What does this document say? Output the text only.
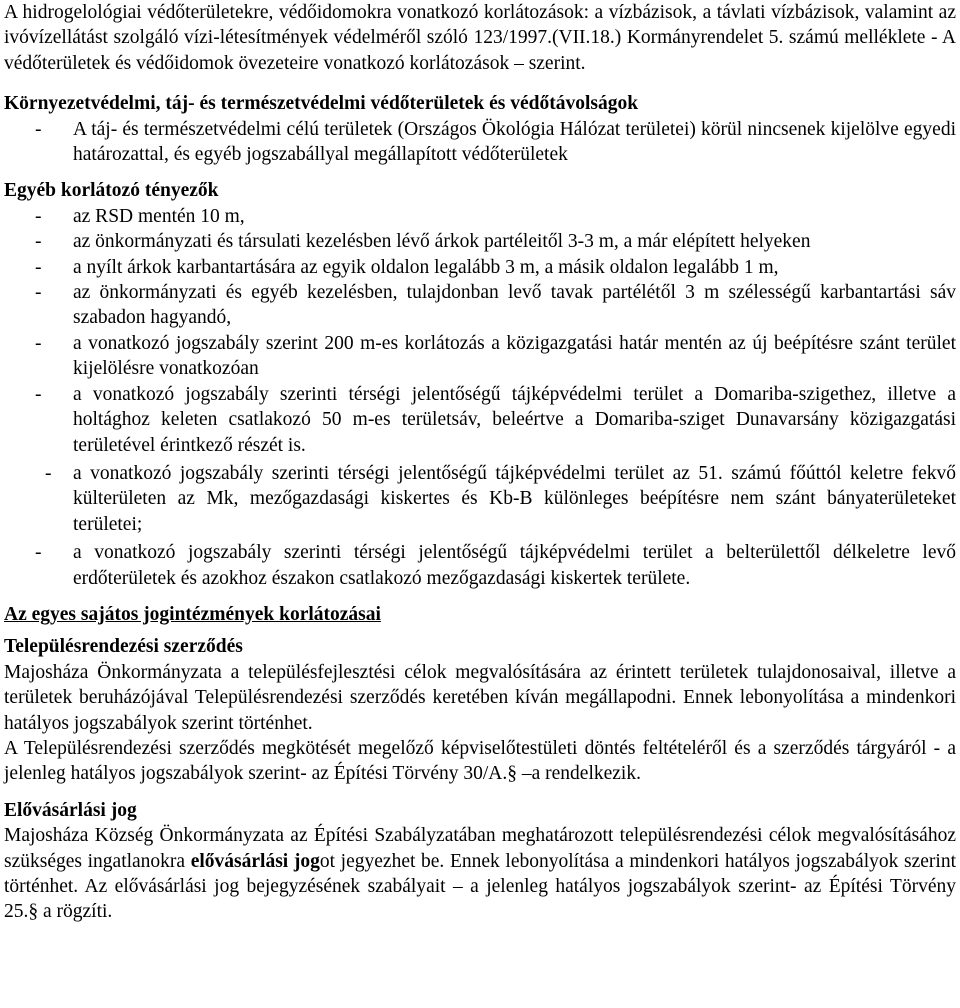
A hidrogelológiai védőterületekre, védőidomokra vonatkozó korlátozások: a vízbázisok, a távlati vízbázisok, valamint az ivóvízellátást szolgáló vízi-létesítmények védelméről szóló 123/1997.(VII.18.) Kormányrendelet 5. számú melléklete - A védőterületek és védőidomok övezeteire vonatkozó korlátozások – szerint.

Környezetvédelmi, táj- és természetvédelmi védőterületek és védőtávolságok

- A táj- és természetvédelmi célú területek (Országos Ökológia Hálózat területei) körül nincsenek kijelölve egyedi határozattal, és egyéb jogszabállyal megállapított védőterületek

Egyéb korlátozó tényezők

- az RSD mentén 10 m,
- az önkormányzati és társulati kezelésben lévő árkok partéleitől 3-3 m, a már elépített helyeken
- a nyílt árkok karbantartására az egyik oldalon legalább 3 m, a másik oldalon legalább 1 m,
- az önkormányzati és egyéb kezelésben, tulajdonban levő tavak partélétől 3 m szélességű karbantartási sáv szabadon hagyandó,
- a vonatkozó jogszabály szerint 200 m-es korlátozás a közigazgatási határ mentén az új beépítésre szánt terület kijelölésre vonatkozóan
- a vonatkozó jogszabály szerinti térségi jelentőségű tájképvédelmi terület a Domariba-szigethez, illetve a holtághoz keleten csatlakozó 50 m-es területsáv, beleértve a Domariba-sziget Dunavarsány közigazgatási területével érintkező részét is.
- a vonatkozó jogszabály szerinti térségi jelentőségű tájképvédelmi terület az 51. számú főúttól keletre fekvő külterületen az Mk, mezőgazdasági kiskertes és Kb-B különleges beépítésre nem szánt bányaterületeket területei;
- a vonatkozó jogszabály szerinti térségi jelentőségű tájképvédelmi terület a belterülettől délkeletre levő erdőterületek és azokhoz északon csatlakozó mezőgazdasági kiskertek területe.

Az egyes sajátos jogintézmények korlátozásai

Településrendezési szerződés

Majosháza Önkormányzata a településfejlesztési célok megvalósítására az érintett területek tulajdonosaival, illetve a területek beruházójával Településrendezési szerződés keretében kíván megállapodni. Ennek lebonyolítása a mindenkori hatályos jogszabályok szerint történhet.

A Településrendezési szerződés megkötését megelőző képviselőtestületi döntés feltételéről és a szerződés tárgyáról - a jelenleg hatályos jogszabályok szerint- az Építési Törvény 30/A.§ –a rendelkezik.

Elővásárlási jog

Majosháza Község Önkormányzata az Építési Szabályzatában meghatározott településrendezési célok megvalósításához szükséges ingatlanokra elővásárlási jogot jegyezhet be. Ennek lebonyolítása a mindenkori hatályos jogszabályok szerint történhet. Az elővásárlási jog bejegyzésének szabályait – a jelenleg hatályos jogszabályok szerint- az Építési Törvény 25.§ a rögzíti.
